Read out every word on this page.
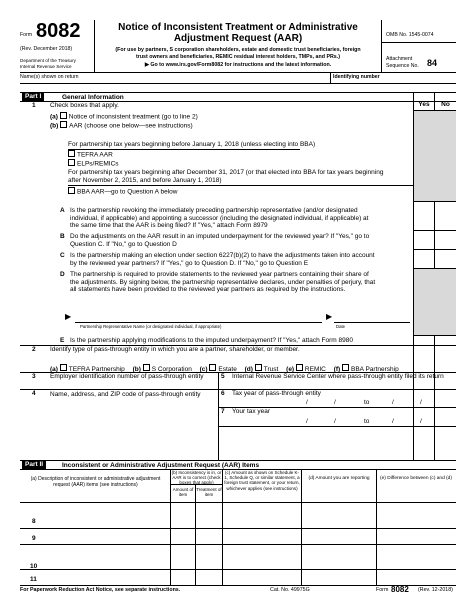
Form 8082
(Rev. December 2018)
Department of the Treasury
Internal Revenue Service
Notice of Inconsistent Treatment or Administrative
Adjustment Request (AAR)
(For use by partners, S corporation shareholders, estate and domestic trust beneficiaries, foreign
trust owners and beneficiaries, REMIC residual interest holders, TMPs, and PRs.)
▶ Go to www.irs.gov/Form8082 for instructions and the latest information.
OMB No. 1545-0074
Attachment
Sequence No. 84
Name(s) shown on return	Identifying number
Part I	General Information
Yes	No
1 Check boxes that apply.
(a) Notice of inconsistent treatment (go to line 2)
(b) AAR (choose one below—see instructions)
For partnership tax years beginning before January 1, 2018 (unless electing into BBA)
TEFRA AAR
ELPs/REMICs
For partnership tax years beginning after December 31, 2017 (or that elected into BBA for tax years beginning
after November 2, 2015, and before January 1, 2018)
BBA AAR—go to Question A below
A Is the partnership revoking the immediately preceding partnership representative (and/or designated
individual, if applicable) and appointing a successor (including the designated individual, if applicable) at
the same time that the AAR is being filed? If "Yes," attach Form 8979
B Do the adjustments on the AAR result in an imputed underpayment for the reviewed year? If "Yes," go to
Question C. If "No," go to Question D
C Is the partnership making an election under section 6227(b)(2) to have the adjustments taken into account
by the reviewed year partners? If "Yes," go to Question D. If "No," go to Question E
D The partnership is required to provide statements to the reviewed year partners containing their share of
the adjustments. By signing below, the partnership representative declares, under penalties of perjury, that
all statements have been provided to the reviewed year partners as required by the instructions.
▶
Partnership Representative Name (or designated individual, if appropriate)
▶
Date
E Is the partnership applying modifications to the imputed underpayment? If "Yes," attach Form 8980
2 Identify type of pass-through entity in which you are a partner, shareholder, or member.
(a) TEFRA Partnership (b) S Corporation (c) Estate (d) Trust (e) REMIC (f) BBA Partnership
3 Employer identification number of pass-through entity	5 Internal Revenue Service Center where pass-through entity filed its return
4 Name, address, and ZIP code of pass-through entity	6 Tax year of pass-through entity
/	/	to	/	/
7 Your tax year
/	/	to	/	/
Part II	Inconsistent or Administrative Adjustment Request (AAR) Items
(a) Description of inconsistent or administrative adjustment request (AAR) items (see instructions)
(b) Inconsistency is in, or AAR is to correct (check boxes that apply)
Amount of item
Treatment of item
(c) Amount as shown on Schedule K-1, Schedule Q, or similar statement, a foreign trust statement, or your return, whichever applies (see instructions)
(d) Amount you are reporting	(e) Difference between (c) and (d)
8
9
10
11
For Paperwork Reduction Act Notice, see separate instructions.	Cat. No. 49975G	Form 8082 (Rev. 12-2018)
